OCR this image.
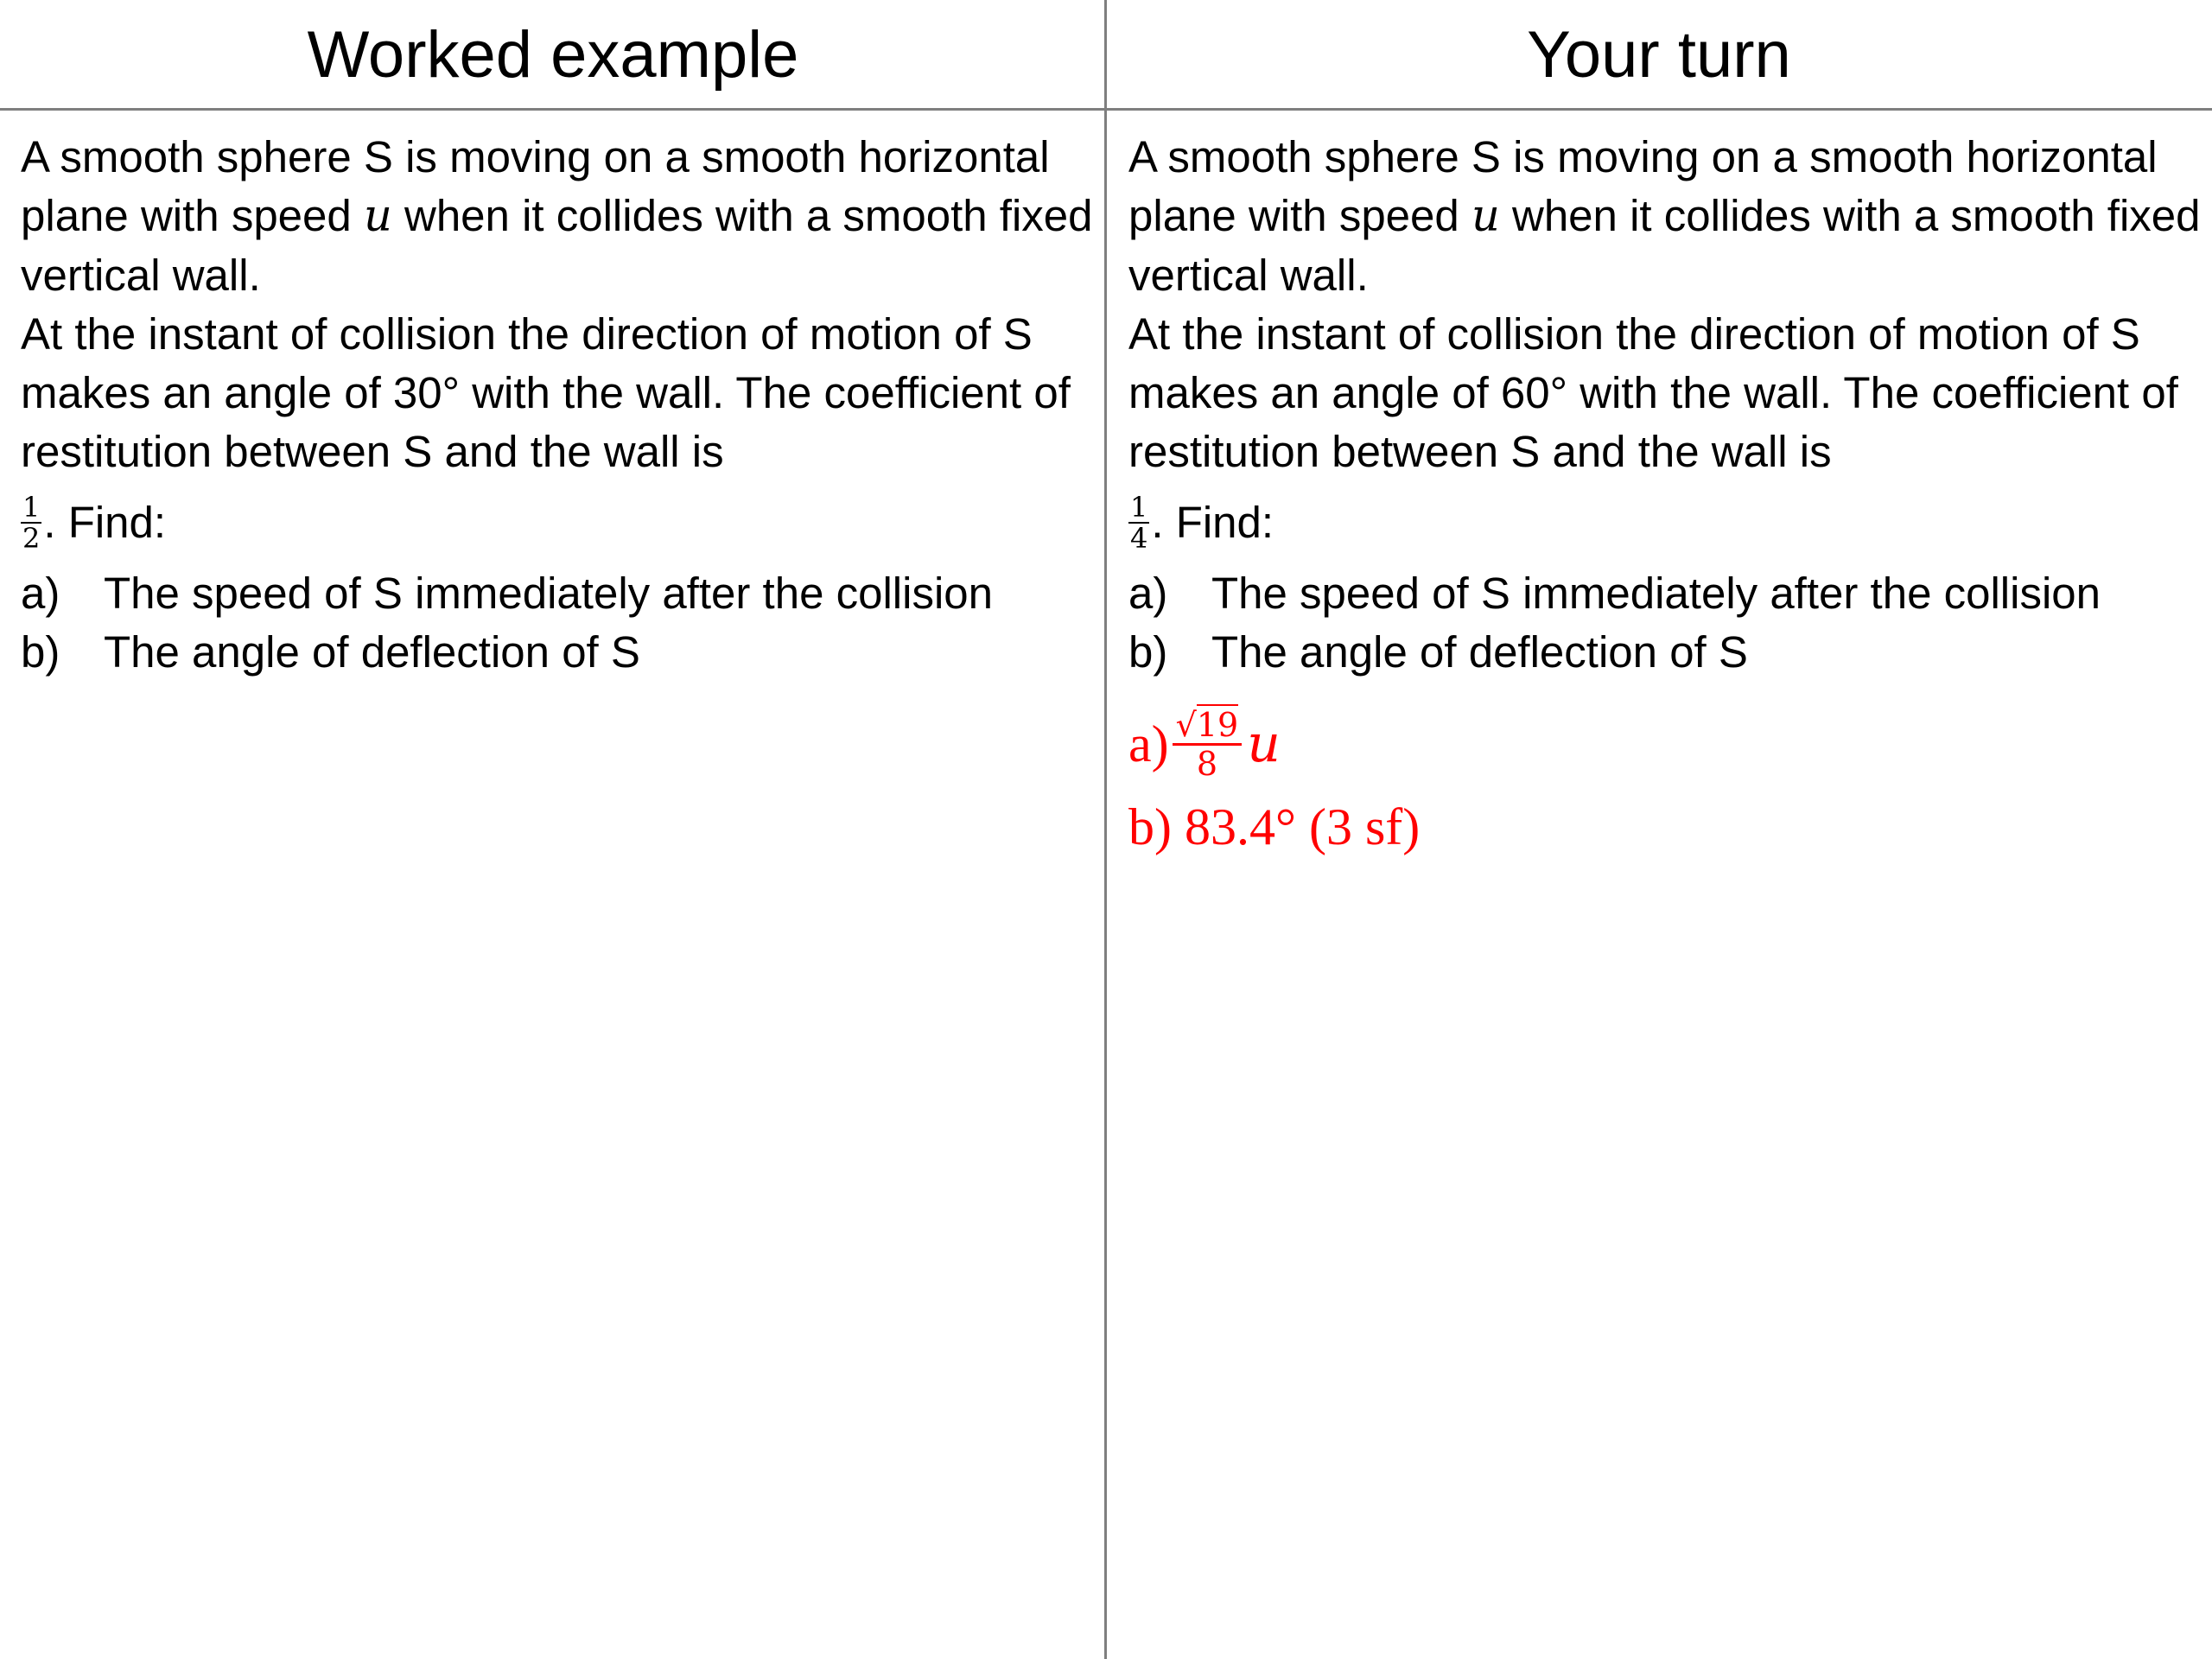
Worked example	Your turn

A smooth sphere S is moving on a smooth horizontal plane with speed u when it collides with a smooth fixed vertical wall.

At the instant of collision the direction of motion of S makes an angle of 30° with the wall. The coefficient of restitution between S and the wall is

$\frac{1}{2}$ . Find:
a) The speed of S immediately after the collision
b) The angle of deflection of S

A smooth sphere S is moving on a smooth horizontal plane with speed u when it collides with a smooth fixed vertical wall.

At the instant of collision the direction of motion of S makes an angle of 60° with the wall. The coefficient of restitution between S and the wall is

$\frac{1}{4}$ . Find:
a) The speed of S immediately after the collision
b) The angle of deflection of S
$a) \frac{√19}{8}$ u
b) 83.4° (3 sf)
